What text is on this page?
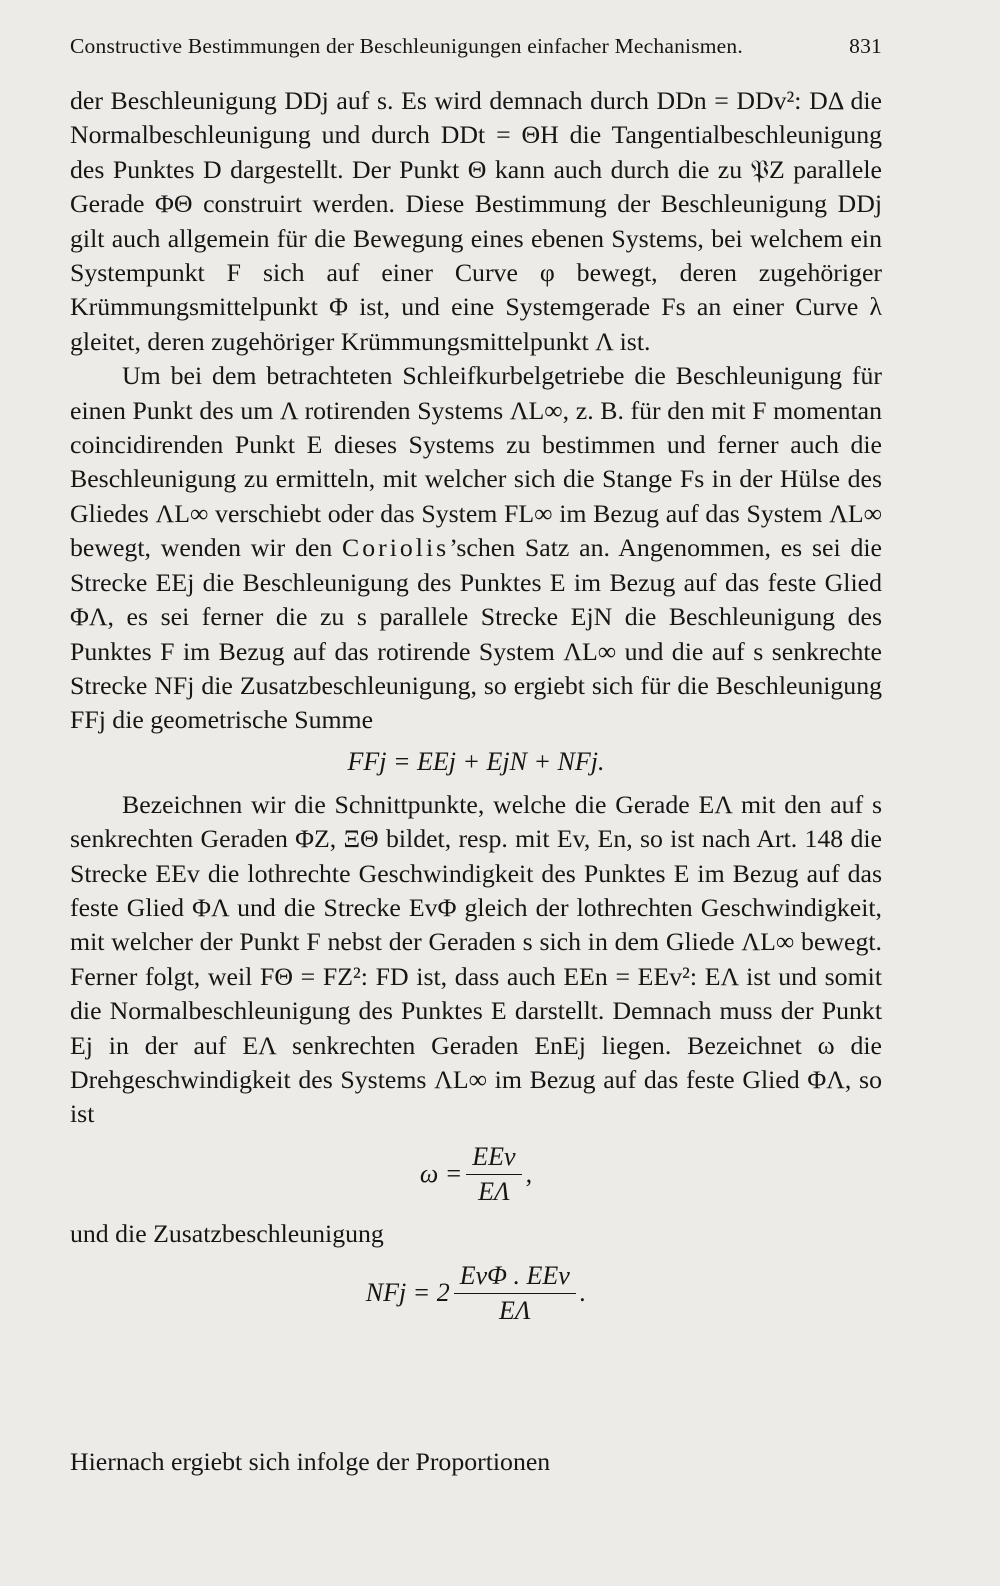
Constructive Bestimmungen der Beschleunigungen einfacher Mechanismen.	831

der Beschleunigung DDj auf s. Es wird demnach durch DDn = DDv²: DΔ die Normalbeschleunigung und durch DDt = ΘH die Tangentialbeschleunigung des Punktes D dargestellt. Der Punkt Θ kann auch durch die zu 𝔓Z parallele Gerade ΦΘ construirt werden. Diese Bestimmung der Beschleunigung DDj gilt auch allgemein für die Bewegung eines ebenen Systems, bei welchem ein Systempunkt F sich auf einer Curve φ bewegt, deren zugehöriger Krümmungsmittelpunkt Φ ist, und eine Systemgerade Fs an einer Curve λ gleitet, deren zugehöriger Krümmungsmittelpunkt Λ ist.

Um bei dem betrachteten Schleifkurbelgetriebe die Beschleunigung für einen Punkt des um Λ rotirenden Systems ΛL∞, z. B. für den mit F momentan coincidirenden Punkt E dieses Systems zu bestimmen und ferner auch die Beschleunigung zu ermitteln, mit welcher sich die Stange Fs in der Hülse des Gliedes ΛL∞ verschiebt oder das System FL∞ im Bezug auf das System ΛL∞ bewegt, wenden wir den Coriolis’schen Satz an. Angenommen, es sei die Strecke EEj die Beschleunigung des Punktes E im Bezug auf das feste Glied ΦΛ, es sei ferner die zu s parallele Strecke EjN die Beschleunigung des Punktes F im Bezug auf das rotirende System ΛL∞ und die auf s senkrechte Strecke NFj die Zusatzbeschleunigung, so ergiebt sich für die Beschleunigung FFj die geometrische Summe

FFj = EEj + EjN + NFj.

Bezeichnen wir die Schnittpunkte, welche die Gerade EΛ mit den auf s senkrechten Geraden ΦZ, ΞΘ bildet, resp. mit Ev, En, so ist nach Art. 148 die Strecke EEv die lothrechte Geschwindigkeit des Punktes E im Bezug auf das feste Glied ΦΛ und die Strecke EvΦ gleich der lothrechten Geschwindigkeit, mit welcher der Punkt F nebst der Geraden s sich in dem Gliede ΛL∞ bewegt. Ferner folgt, weil FΘ = FZ²: FD ist, dass auch EEn = EEv²: EΛ ist und somit die Normalbeschleunigung des Punktes E darstellt. Demnach muss der Punkt Ej in der auf EΛ senkrechten Geraden EnEj liegen. Bezeichnet ω die Drehgeschwindigkeit des Systems ΛL∞ im Bezug auf das feste Glied ΦΛ, so ist

$\omega = \frac{\text{EEv}}{E\Lambda}$ ,

und die Zusatzbeschleunigung

NFj = $2 \frac{\text{EvΦ . EEv}}{E\Lambda}$ .
Hiernach ergiebt sich infolge der Proportionen
